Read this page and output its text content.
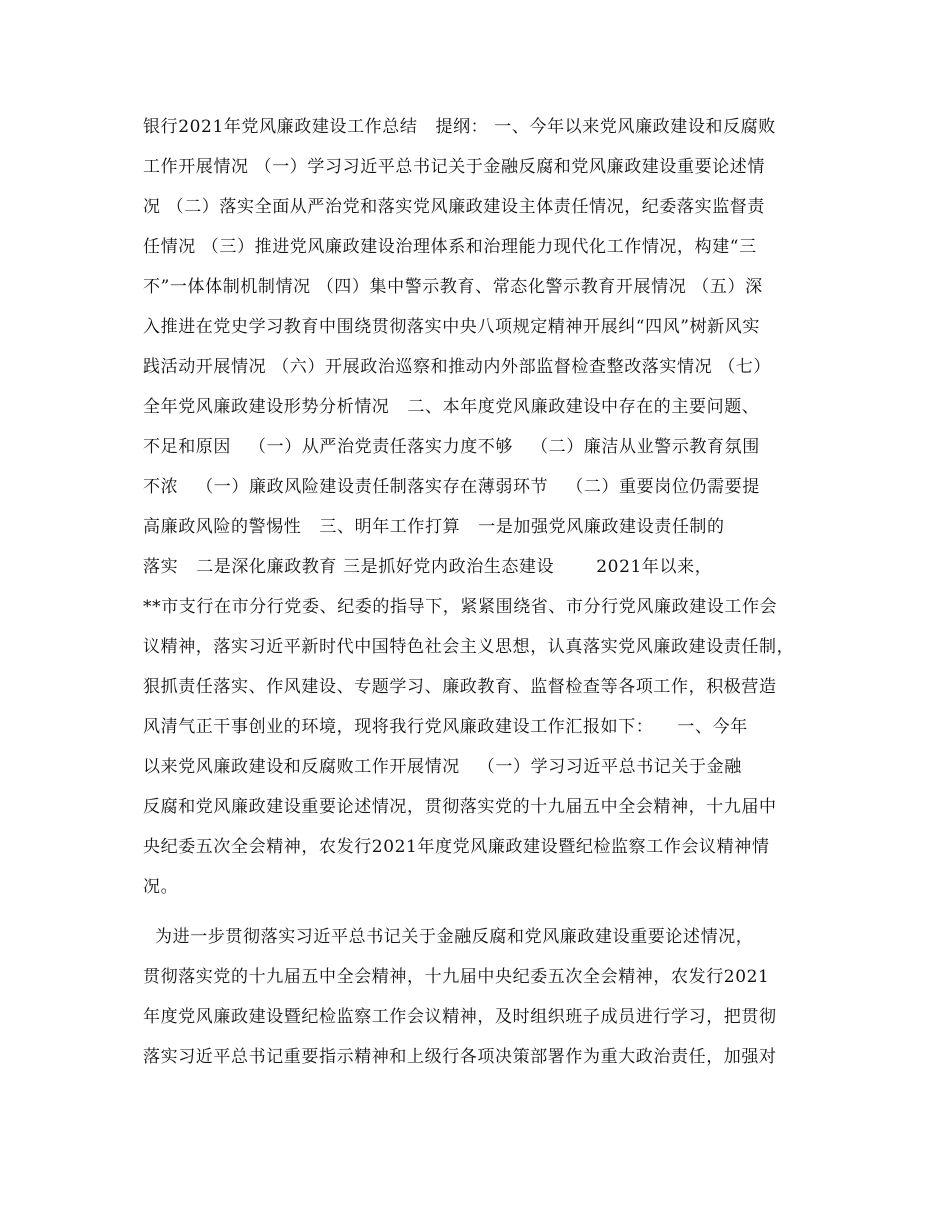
银行2021年党风廉政建设工作总结   提纲： 一、今年以来党风廉政建设和反腐败
工作开展情况 （一）学习习近平总书记关于金融反腐和党风廉政建设重要论述情
况 （二）落实全面从严治党和落实党风廉政建设主体责任情况，纪委落实监督责
任情况 （三）推进党风廉政建设治理体系和治理能力现代化工作情况，构建“三
不”一体体制机制情况 （四）集中警示教育、常态化警示教育开展情况 （五）深
入推进在党史学习教育中围绕贯彻落实中央八项规定精神开展纠“四风”树新风实
践活动开展情况 （六）开展政治巡察和推动内外部监督检查整改落实情况 （七）
全年党风廉政建设形势分析情况   二、本年度党风廉政建设中存在的主要问题、
不足和原因   （一）从严治党责任落实力度不够   （二）廉洁从业警示教育氛围
不浓   （一）廉政风险建设责任制落实存在薄弱环节   （二）重要岗位仍需要提
高廉政风险的警惕性   三、明年工作打算   一是加强党风廉政建设责任制的
落实   二是深化廉政教育 三是抓好党内政治生态建设       2021年以来，
**市支行在市分行党委、纪委的指导下，紧紧围绕省、市分行党风廉政建设工作会
议精神，落实习近平新时代中国特色社会主义思想，认真落实党风廉政建设责任制，
狠抓责任落实、作风建设、专题学习、廉政教育、监督检查等各项工作，积极营造
风清气正干事创业的环境，现将我行党风廉政建设工作汇报如下：    一、今年
以来党风廉政建设和反腐败工作开展情况   （一）学习习近平总书记关于金融
反腐和党风廉政建设重要论述情况，贯彻落实党的十九届五中全会精神，十九届中
央纪委五次全会精神，农发行2021年度党风廉政建设暨纪检监察工作会议精神情
况。
为进一步贯彻落实习近平总书记关于金融反腐和党风廉政建设重要论述情况，
贯彻落实党的十九届五中全会精神，十九届中央纪委五次全会精神，农发行2021
年度党风廉政建设暨纪检监察工作会议精神，及时组织班子成员进行学习，把贯彻
落实习近平总书记重要指示精神和上级行各项决策部署作为重大政治责任，加强对
